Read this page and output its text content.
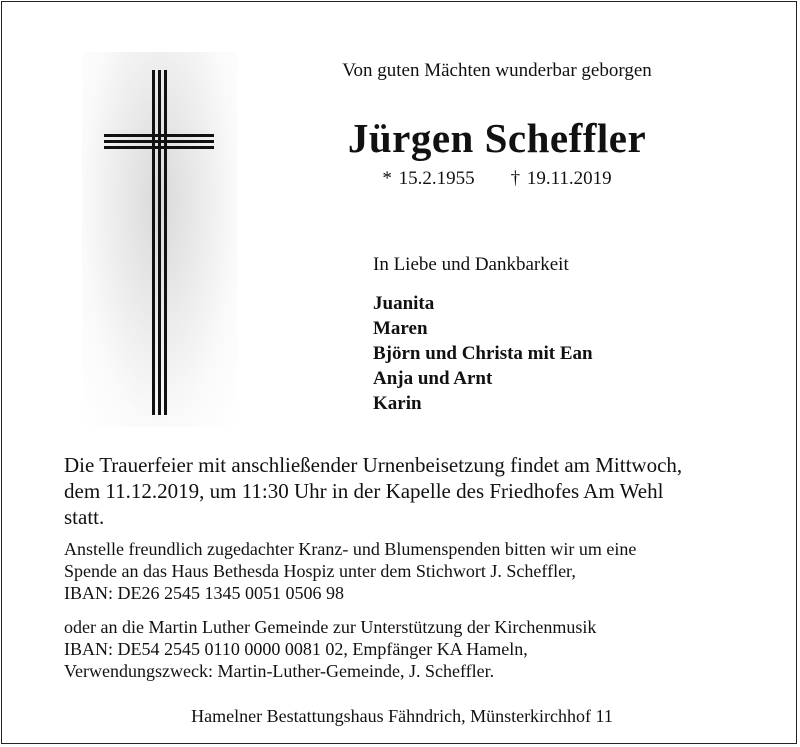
Von guten Mächten wunderbar geborgen
Jürgen Scheffler
* 15.2.1955 † 19.11.2019
In Liebe und Dankbarkeit
Juanita
Maren
Björn und Christa mit Ean
Anja und Arnt
Karin
Die Trauerfeier mit anschließender Urnenbeisetzung findet am Mittwoch,
dem 11.12.2019, um 11:30 Uhr in der Kapelle des Friedhofes Am Wehl
statt.
Anstelle freundlich zugedachter Kranz- und Blumenspenden bitten wir um eine
Spende an das Haus Bethesda Hospiz unter dem Stichwort J. Scheffler,
IBAN: DE26 2545 1345 0051 0506 98
oder an die Martin Luther Gemeinde zur Unterstützung der Kirchenmusik
IBAN: DE54 2545 0110 0000 0081 02, Empfänger KA Hameln,
Verwendungszweck: Martin-Luther-Gemeinde, J. Scheffler.
Hamelner Bestattungshaus Fähndrich, Münsterkirchhof 11
